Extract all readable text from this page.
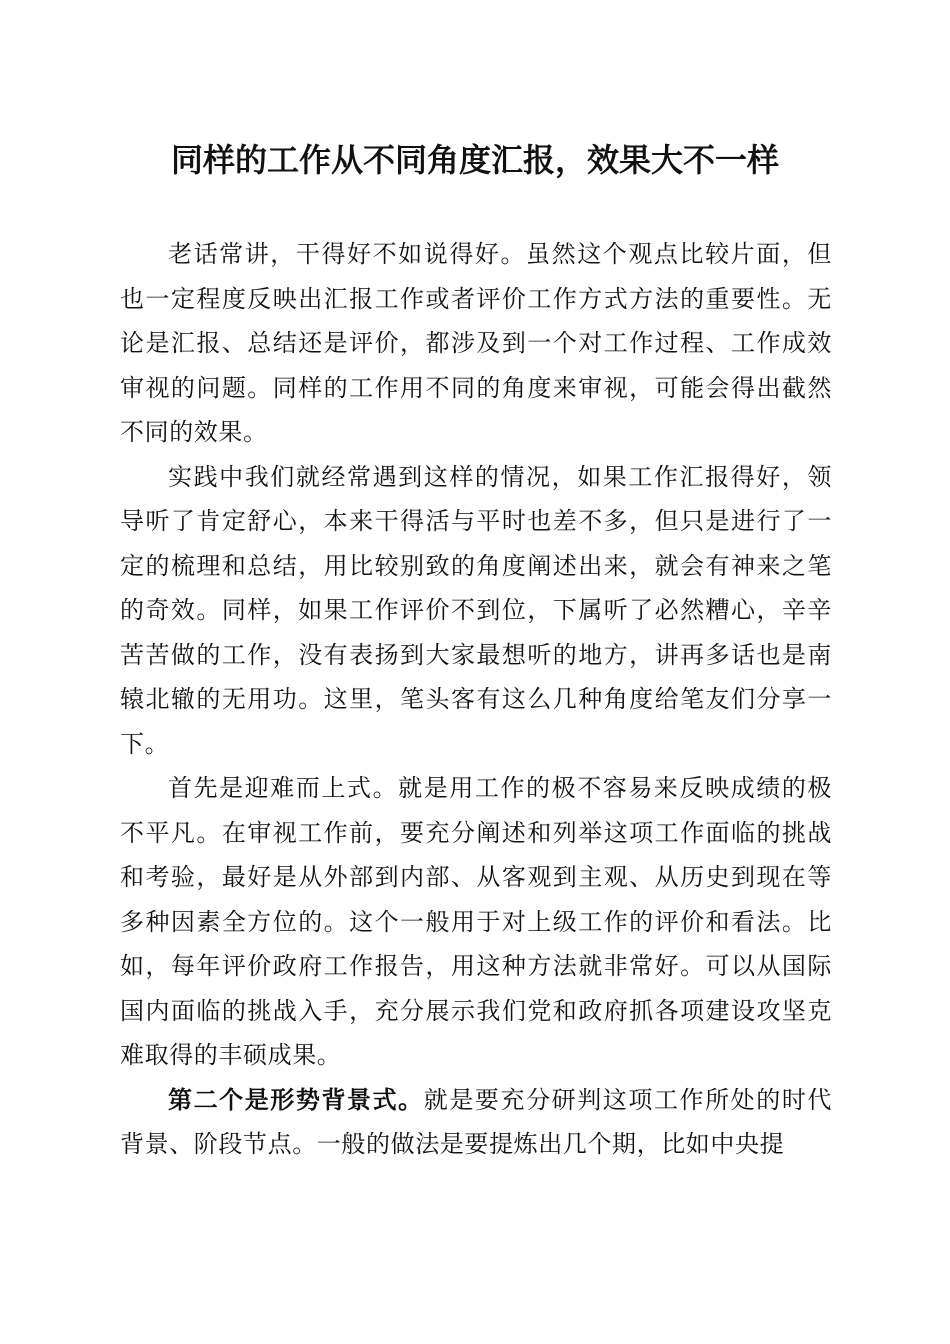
同样的工作从不同角度汇报，效果大不一样

老话常讲，干得好不如说得好。虽然这个观点比较片面，但也一定程度反映出汇报工作或者评价工作方式方法的重要性。无论是汇报、总结还是评价，都涉及到一个对工作过程、工作成效审视的问题。同样的工作用不同的角度来审视，可能会得出截然不同的效果。

实践中我们就经常遇到这样的情况，如果工作汇报得好，领导听了肯定舒心，本来干得活与平时也差不多，但只是进行了一定的梳理和总结，用比较别致的角度阐述出来，就会有神来之笔的奇效。同样，如果工作评价不到位，下属听了必然糟心，辛辛苦苦做的工作，没有表扬到大家最想听的地方，讲再多话也是南辕北辙的无用功。这里，笔头客有这么几种角度给笔友们分享一下。

首先是迎难而上式。就是用工作的极不容易来反映成绩的极不平凡。在审视工作前，要充分阐述和列举这项工作面临的挑战和考验，最好是从外部到内部、从客观到主观、从历史到现在等多种因素全方位的。这个一般用于对上级工作的评价和看法。比如，每年评价政府工作报告，用这种方法就非常好。可以从国际国内面临的挑战入手，充分展示我们党和政府抓各项建设攻坚克难取得的丰硕成果。

第二个是形势背景式。就是要充分研判这项工作所处的时代背景、阶段节点。一般的做法是要提炼出几个期，比如中央提
